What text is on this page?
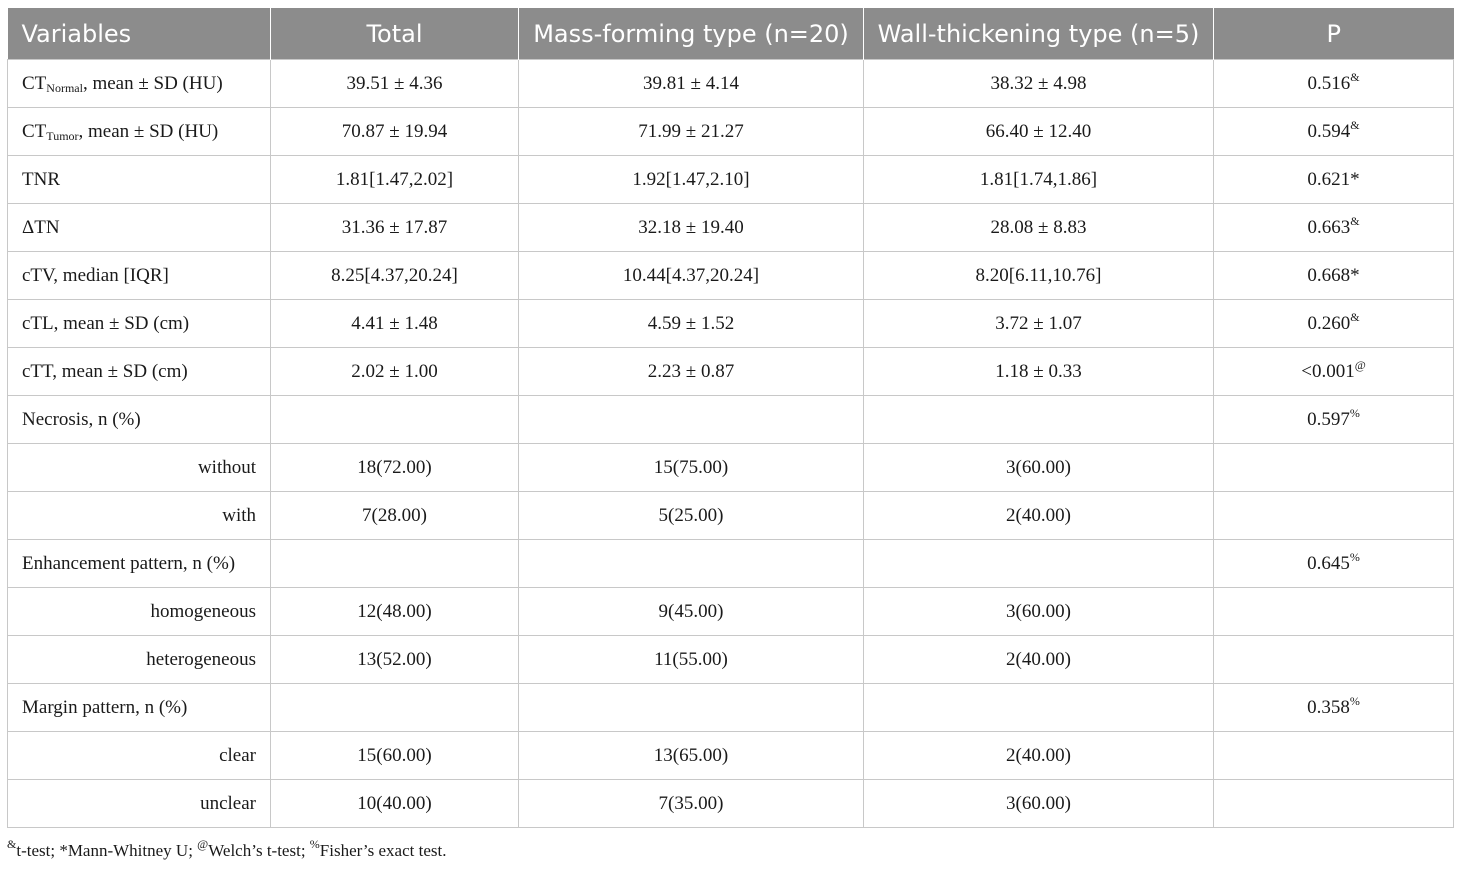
Variables	Total	Mass-forming type (n=20)	Wall-thickening type (n=5)	P
$CT_{Normal}$, mean ± SD (HU)	39.51 ± 4.36	39.81 ± 4.14	38.32 ± 4.98	0.516&
$CT_{Tumor}$, mean ± SD (HU)	70.87 ± 19.94	71.99 ± 21.27	66.40 ± 12.40	0.594&
TNR	1.81[1.47,2.02]	1.92[1.47,2.10]	1.81[1.74,1.86]	0.621*
ΔTN	31.36 ± 17.87	32.18 ± 19.40	28.08 ± 8.83	0.663&
cTV, median [IQR]	8.25[4.37,20.24]	10.44[4.37,20.24]	8.20[6.11,10.76]	0.668*
cTL, mean ± SD (cm)	4.41 ± 1.48	4.59 ± 1.52	3.72 ± 1.07	0.260&
cTT, mean ± SD (cm)	2.02 ± 1.00	2.23 ± 0.87	1.18 ± 0.33	<0.001@
Necrosis, n (%)				0.597%
without	18(72.00)	15(75.00)	3(60.00)	
with	7(28.00)	5(25.00)	2(40.00)	
Enhancement pattern, n (%)				0.645%
homogeneous	12(48.00)	9(45.00)	3(60.00)	
heterogeneous	13(52.00)	11(55.00)	2(40.00)	
Margin pattern, n (%)				0.358%
clear	15(60.00)	13(65.00)	2(40.00)	
unclear	10(40.00)	7(35.00)	3(60.00)	
&t-test; *Mann-Whitney U; @Welch’s t-test; %Fisher’s exact test.
